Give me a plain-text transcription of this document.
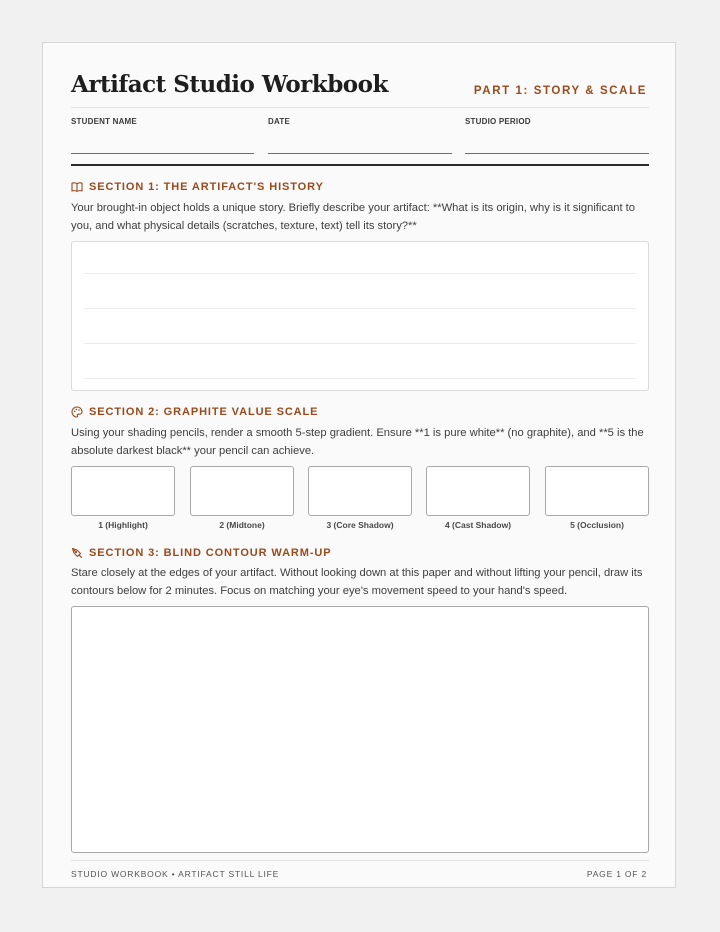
Artifact Studio Workbook	PART 1: STORY & SCALE
STUDENT NAME	DATE	STUDIO PERIOD
SECTION 1: THE ARTIFACT'S HISTORY
Your brought-in object holds a unique story. Briefly describe your artifact: **What is its origin, why is it significant to you, and what physical details (scratches, texture, text) tell its story?**
SECTION 2: GRAPHITE VALUE SCALE
Using your shading pencils, render a smooth 5-step gradient. Ensure **1 is pure white** (no graphite), and **5 is the absolute darkest black** your pencil can achieve.
1 (Highlight)	2 (Midtone)	3 (Core Shadow)	4 (Cast Shadow)	5 (Occlusion)
SECTION 3: BLIND CONTOUR WARM-UP
Stare closely at the edges of your artifact. Without looking down at this paper and without lifting your pencil, draw its contours below for 2 minutes. Focus on matching your eye's movement speed to your hand's speed.
STUDIO WORKBOOK • ARTIFACT STILL LIFE	PAGE 1 OF 2
